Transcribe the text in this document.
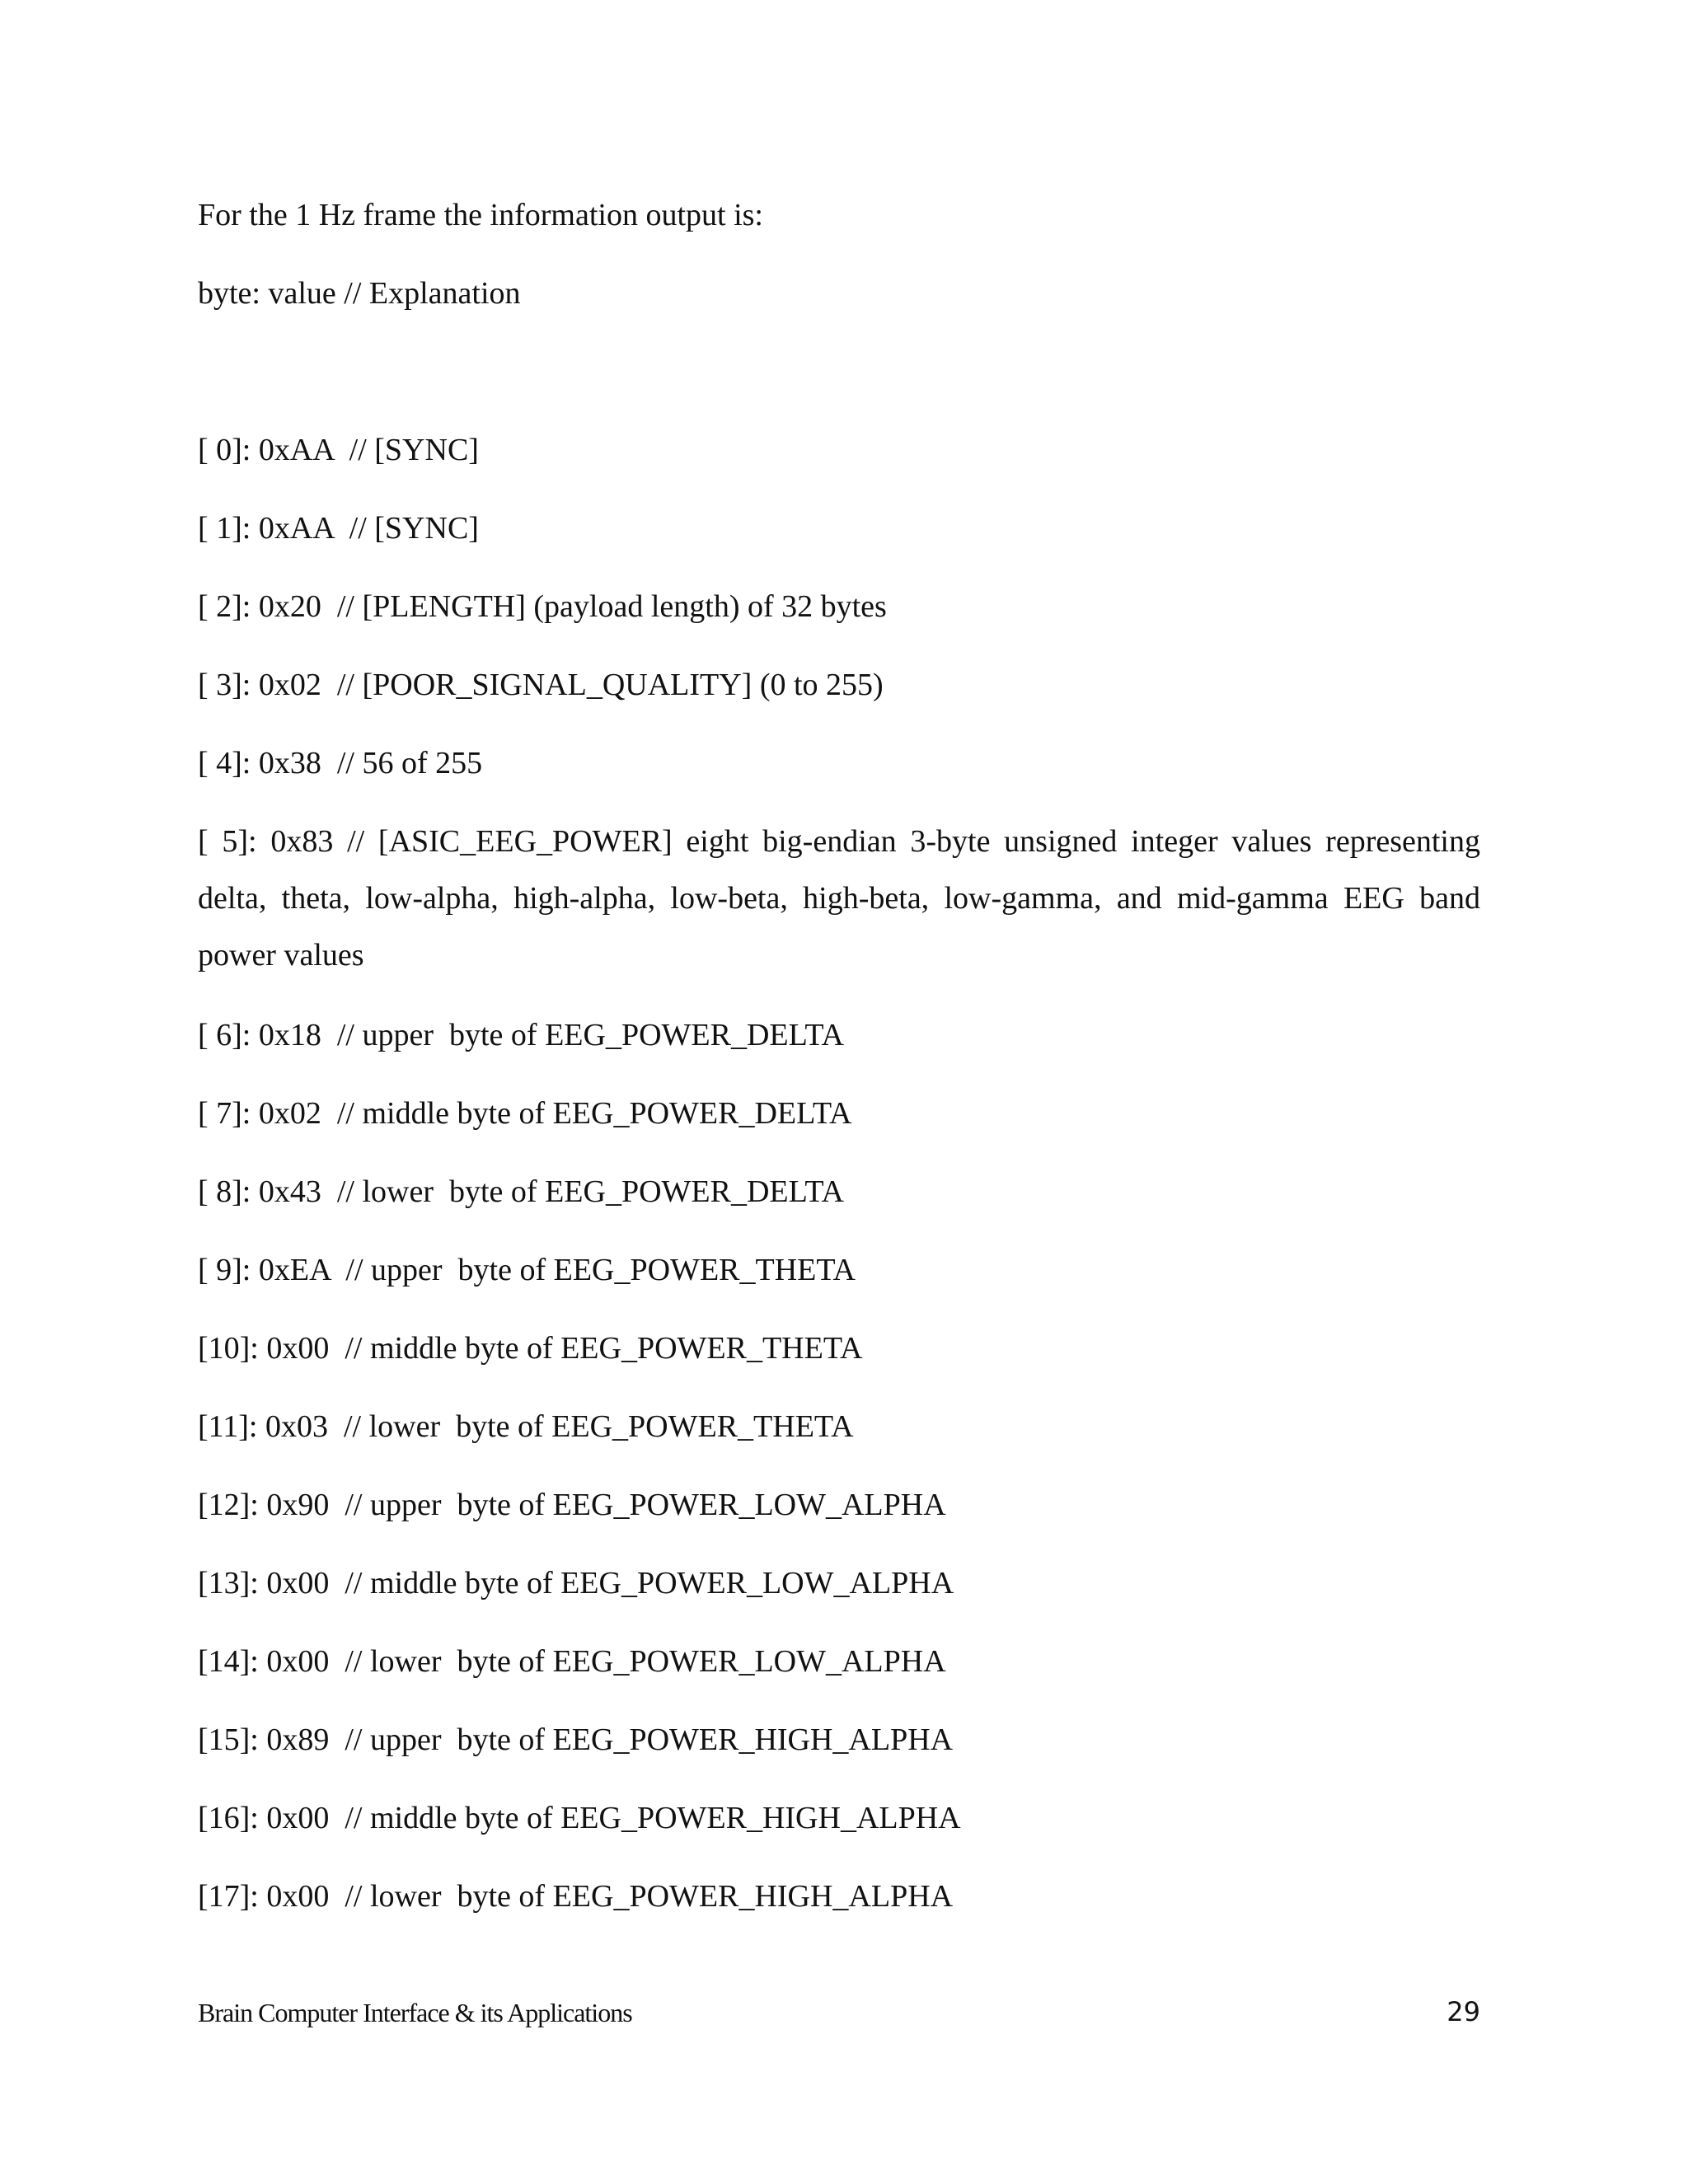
For the 1 Hz frame the information output is:
byte: value // Explanation
[ 0]: 0xAA  // [SYNC]
[ 1]: 0xAA  // [SYNC]
[ 2]: 0x20  // [PLENGTH] (payload length) of 32 bytes
[ 3]: 0x02  // [POOR_SIGNAL_QUALITY] (0 to 255)
[ 4]: 0x38  // 56 of 255
[ 5]: 0x83 // [ASIC_EEG_POWER] eight big-endian 3-byte unsigned integer values representing delta, theta, low-alpha, high-alpha, low-beta, high-beta, low-gamma, and mid-gamma EEG band power values
[ 6]: 0x18  // upper  byte of EEG_POWER_DELTA
[ 7]: 0x02  // middle byte of EEG_POWER_DELTA
[ 8]: 0x43  // lower  byte of EEG_POWER_DELTA
[ 9]: 0xEA  // upper  byte of EEG_POWER_THETA
[10]: 0x00  // middle byte of EEG_POWER_THETA
[11]: 0x03  // lower  byte of EEG_POWER_THETA
[12]: 0x90  // upper  byte of EEG_POWER_LOW_ALPHA
[13]: 0x00  // middle byte of EEG_POWER_LOW_ALPHA
[14]: 0x00  // lower  byte of EEG_POWER_LOW_ALPHA
[15]: 0x89  // upper  byte of EEG_POWER_HIGH_ALPHA
[16]: 0x00  // middle byte of EEG_POWER_HIGH_ALPHA
[17]: 0x00  // lower  byte of EEG_POWER_HIGH_ALPHA
Brain Computer Interface & its Applications	29
